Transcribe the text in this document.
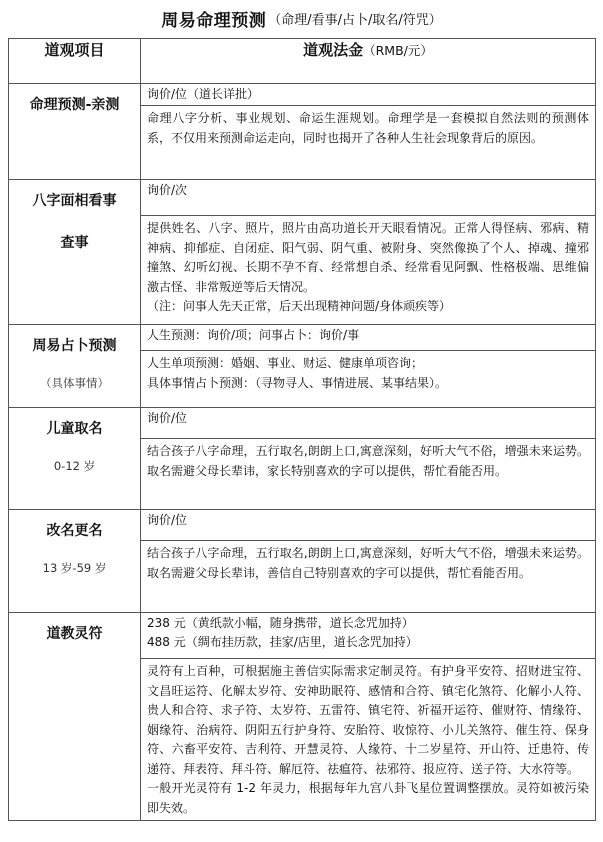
周易命理预测 （命理/看事/占卜/取名/符咒）
道观项目	道观法金（RMB/元）

命理预测-亲测	询价/位（道长详批）
	命理八字分析、事业规划、命运生涯规划。命理学是一套模拟自然法则的预测体系，不仅用来预测命运走向，同时也揭开了各种人生社会现象背后的原因。

八字面相看事
查事	询价/次

	提供姓名、八字、照片，照片由高功道长开天眼看情况。正常人得怪病、邪病、精神病、抑郁症、自闭症、阳气弱、阴气重、被附身、突然像换了个人、掉魂、撞邪撞煞、幻听幻视、长期不孕不育、经常想自杀、经常看见阿飘、性格极端、思维偏激古怪、非常叛逆等后天情况。

（注：问事人先天正常，后天出现精神问题/身体顽疾等）

周易占卜预测
（具体事情）	人生预测：询价/项；问事占卜：询价/事

	人生单项预测：婚姻、事业、财运、健康单项咨询；

具体事情占卜预测：（寻物寻人、事情进展、某事结果）。

儿童取名
0-12 岁	询价/位
	结合孩子八字命理，五行取名,朗朗上口,寓意深刻，好听大气不俗，增强未来运势。取名需避父母长辈讳，家长特别喜欢的字可以提供，帮忙看能否用。

改名更名
13 岁-59 岁	询价/位
	结合孩子八字命理，五行取名,朗朗上口,寓意深刻，好听大气不俗，增强未来运势。取名需避父母长辈讳，善信自己特别喜欢的字可以提供，帮忙看能否用。

道教灵符	238 元（黄纸款小幅，随身携带，道长念咒加持）
488 元（绸布挂历款，挂家/店里，道长念咒加持）

	灵符有上百种，可根据施主善信实际需求定制灵符。有护身平安符、招财进宝符、文昌旺运符、化解太岁符、安神助眠符、感情和合符、镇宅化煞符、化解小人符、贵人和合符、求子符、太岁符、五雷符、镇宅符、祈福开运符、催财符、情缘符、姻缘符、治病符、阴阳五行护身符、安胎符、收惊符、小儿关煞符、催生符、保身符、六畜平安符、吉利符、开慧灵符、人缘符、十二岁星符、开山符、迁患符、传递符、拜表符、拜斗符、解厄符、祛瘟符、祛邪符、报应符、送子符、大水符等。

一般开光灵符有 1-2 年灵力，根据每年九宫八卦飞星位置调整摆放。灵符如被污染即失效。
